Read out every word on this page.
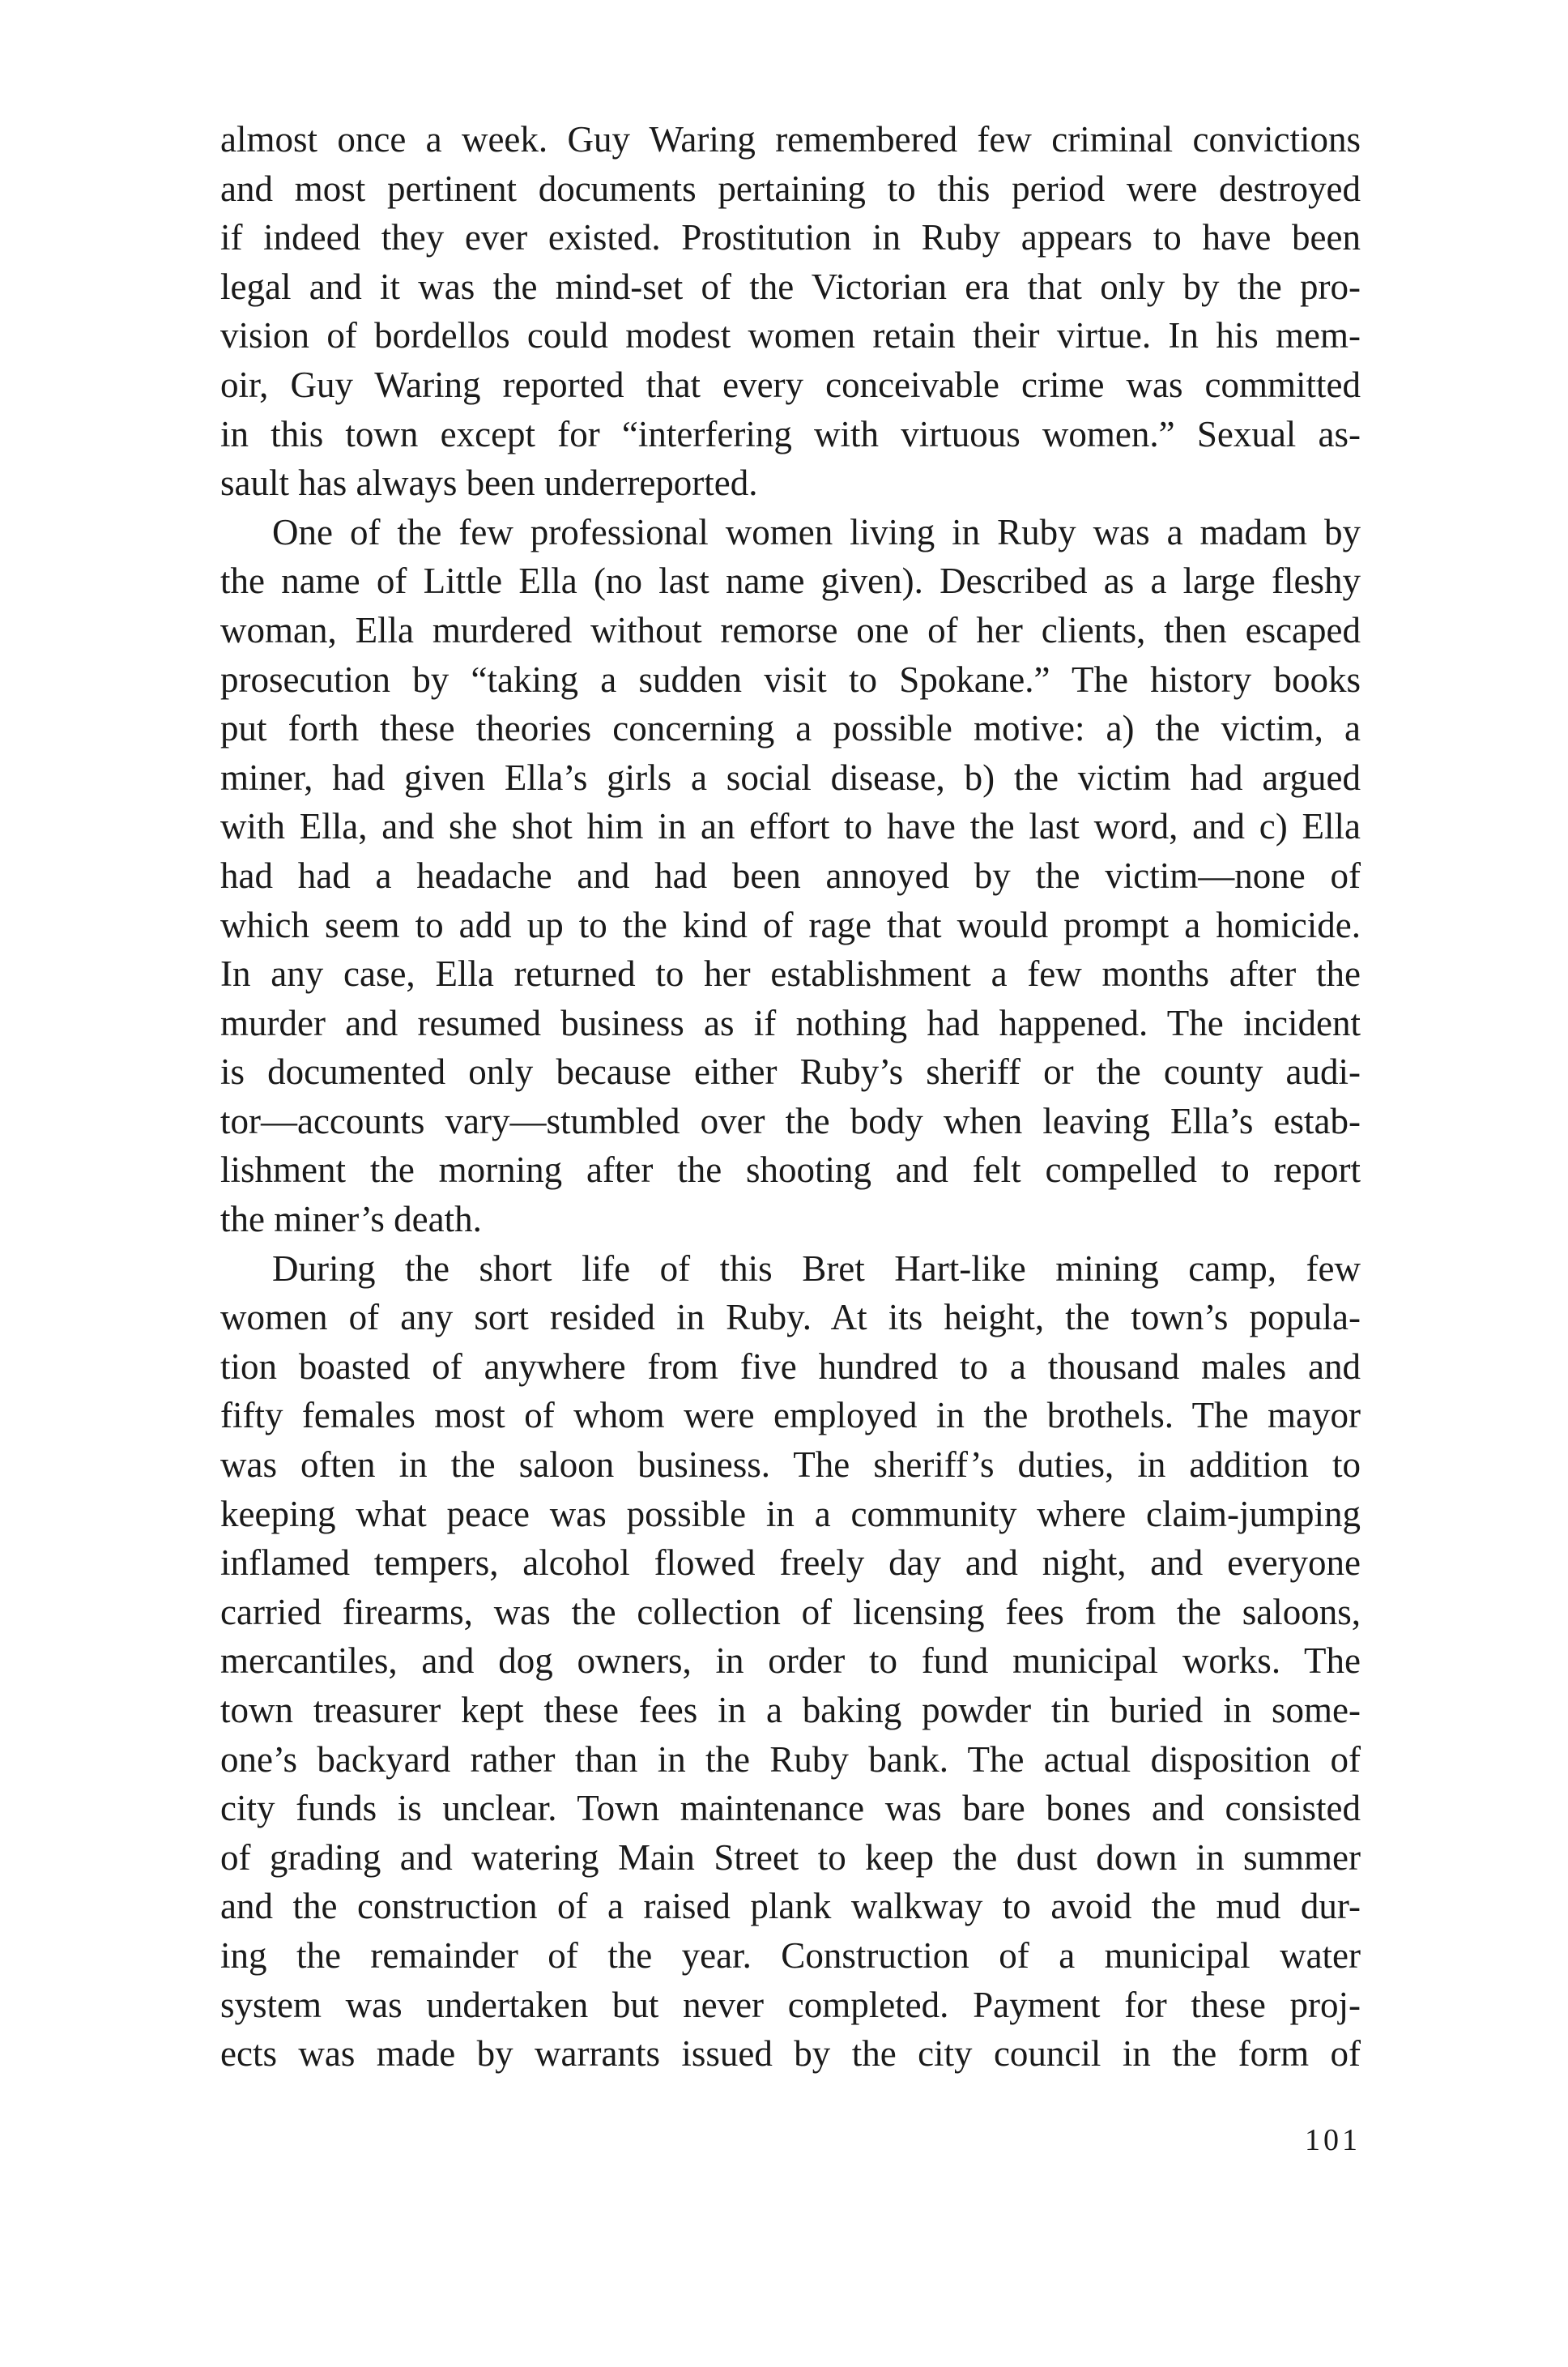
almost once a week. Guy Waring remembered few criminal convictions
and most pertinent documents pertaining to this period were destroyed
if indeed they ever existed. Prostitution in Ruby appears to have been
legal and it was the mind-set of the Victorian era that only by the pro-
vision of bordellos could modest women retain their virtue. In his mem-
oir, Guy Waring reported that every conceivable crime was committed
in this town except for “interfering with virtuous women.” Sexual as-
sault has always been underreported.
One of the few professional women living in Ruby was a madam by
the name of Little Ella (no last name given). Described as a large fleshy
woman, Ella murdered without remorse one of her clients, then escaped
prosecution by “taking a sudden visit to Spokane.” The history books
put forth these theories concerning a possible motive: a) the victim, a
miner, had given Ella’s girls a social disease, b) the victim had argued
with Ella, and she shot him in an effort to have the last word, and c) Ella
had had a headache and had been annoyed by the victim—none of
which seem to add up to the kind of rage that would prompt a homicide.
In any case, Ella returned to her establishment a few months after the
murder and resumed business as if nothing had happened. The incident
is documented only because either Ruby’s sheriff or the county audi-
tor—accounts vary—stumbled over the body when leaving Ella’s estab-
lishment the morning after the shooting and felt compelled to report
the miner’s death.
During the short life of this Bret Hart-like mining camp, few
women of any sort resided in Ruby. At its height, the town’s popula-
tion boasted of anywhere from five hundred to a thousand males and
fifty females most of whom were employed in the brothels. The mayor
was often in the saloon business. The sheriff’s duties, in addition to
keeping what peace was possible in a community where claim-jumping
inflamed tempers, alcohol flowed freely day and night, and everyone
carried firearms, was the collection of licensing fees from the saloons,
mercantiles, and dog owners, in order to fund municipal works. The
town treasurer kept these fees in a baking powder tin buried in some-
one’s backyard rather than in the Ruby bank. The actual disposition of
city funds is unclear. Town maintenance was bare bones and consisted
of grading and watering Main Street to keep the dust down in summer
and the construction of a raised plank walkway to avoid the mud dur-
ing the remainder of the year. Construction of a municipal water
system was undertaken but never completed. Payment for these proj-
ects was made by warrants issued by the city council in the form of
101
